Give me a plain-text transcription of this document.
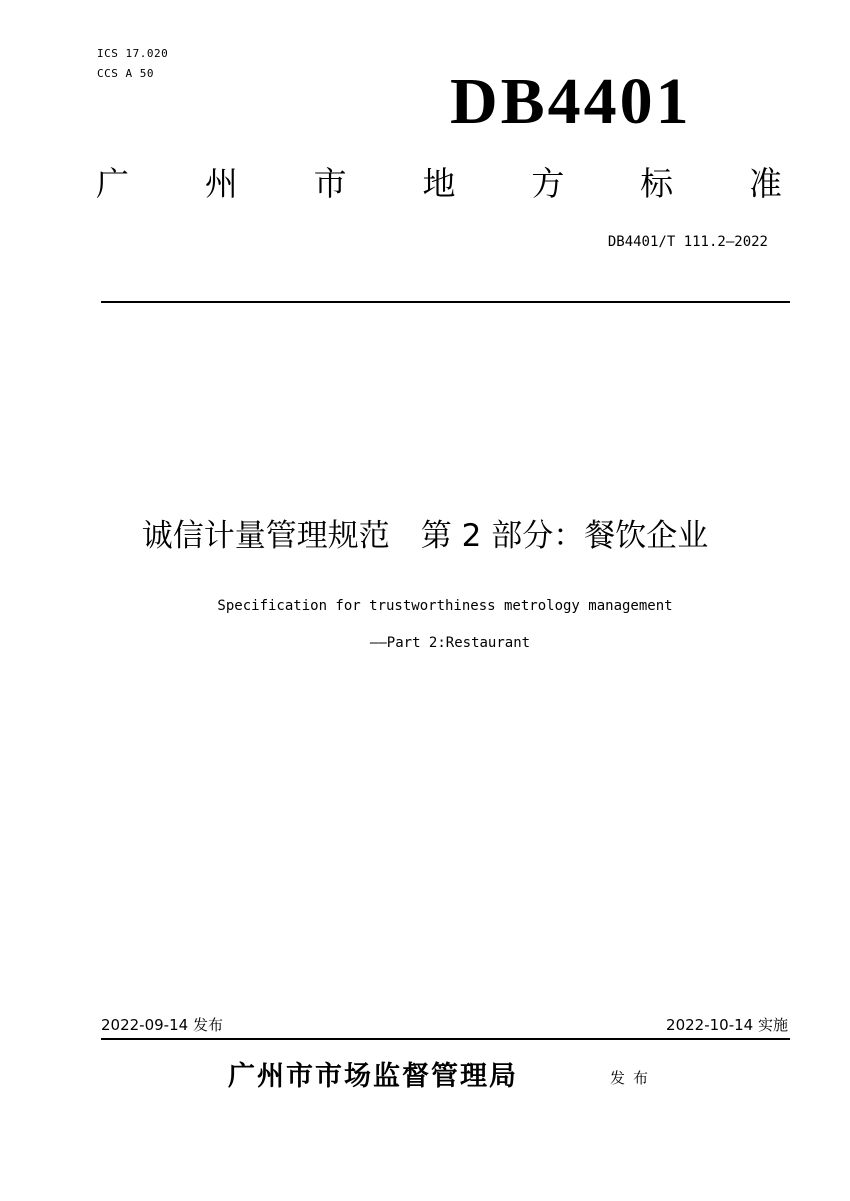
ICS 17.020
CCS A 50	DB4401
广 州 市 地 方 标 准
DB4401/T 111.2—2022
诚信计量管理规范　第 2 部分：餐饮企业
Specification for trustworthiness metrology management
——Part 2:Restaurant
2022-09-14 发布	2022-10-14 实施
广州市市场监督管理局	发布
